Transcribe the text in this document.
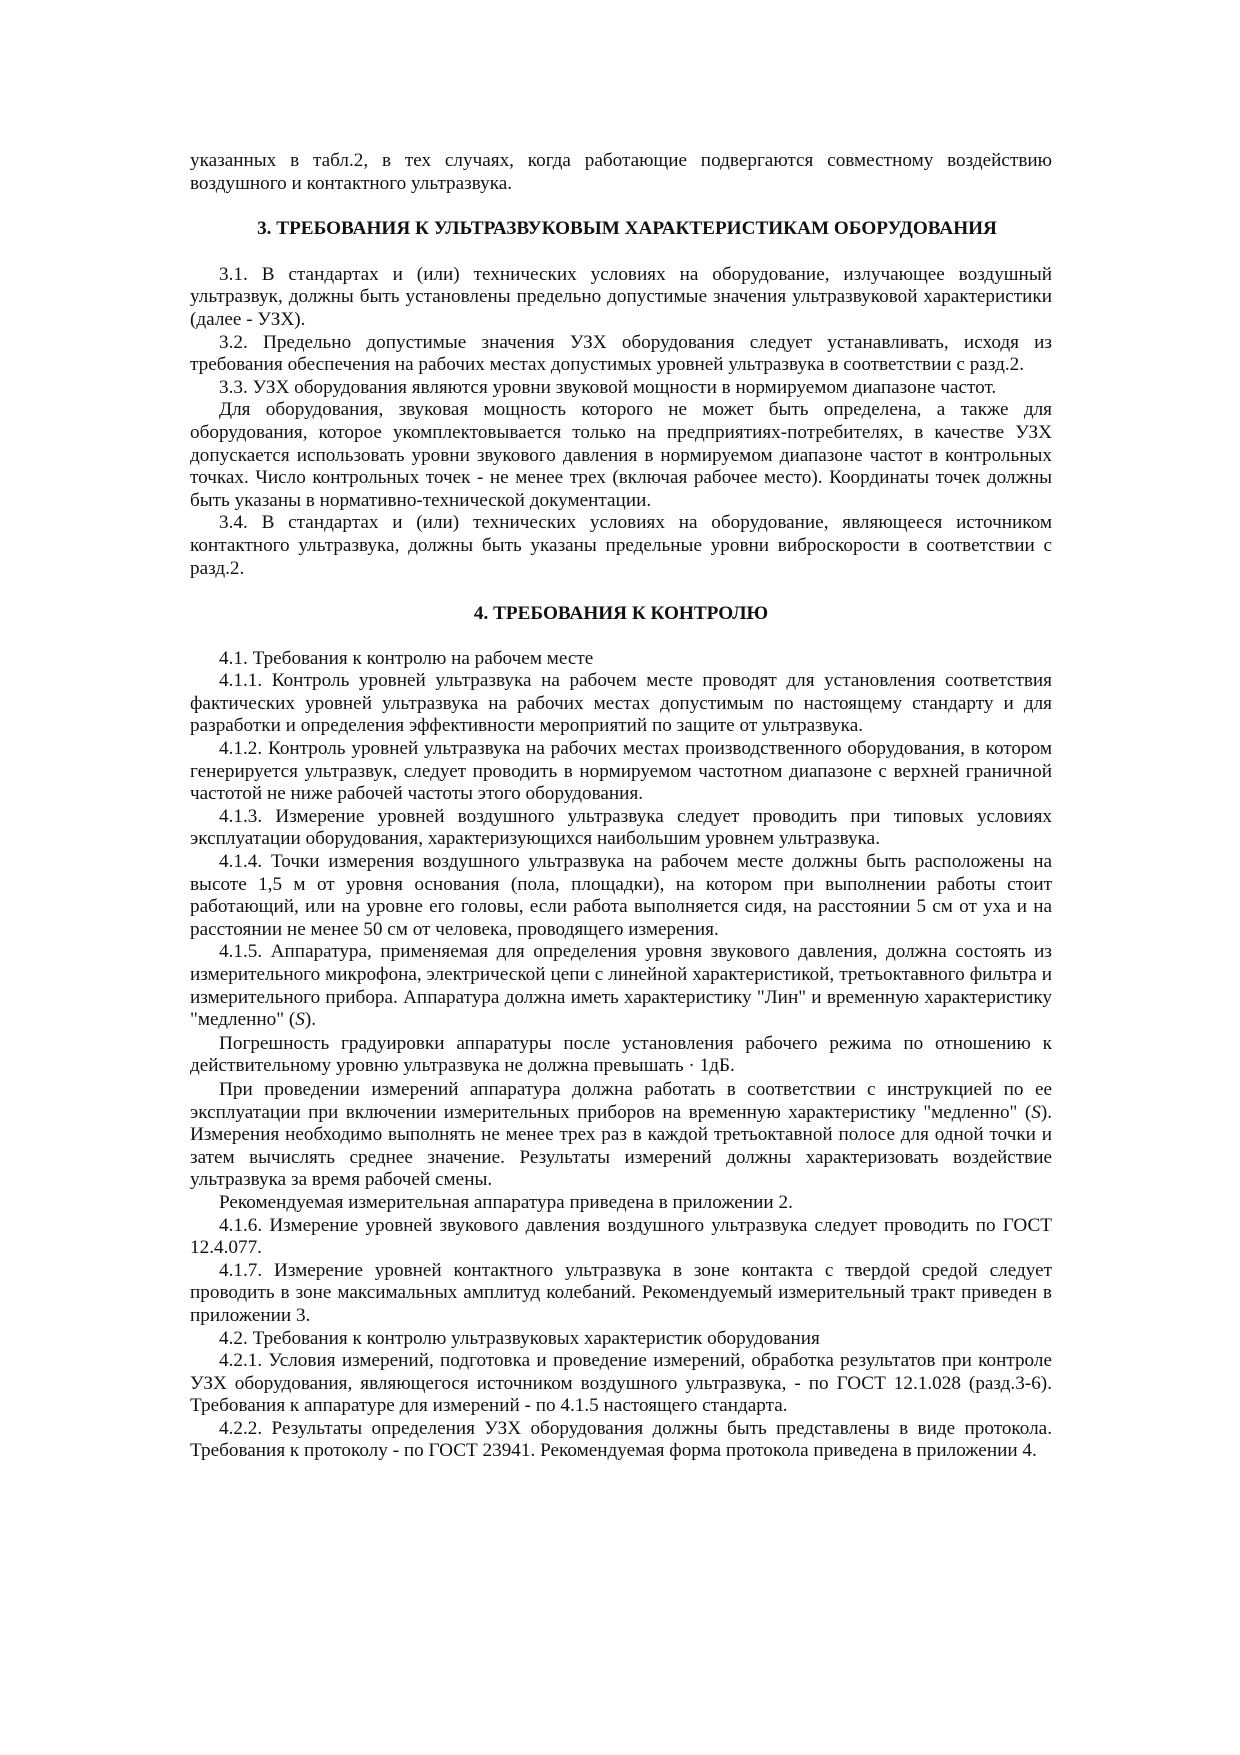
указанных в табл.2, в тех случаях, когда работающие подвергаются совместному воздействию воздушного и контактного ультразвука.

3. ТРЕБОВАНИЯ К УЛЬТРАЗВУКОВЫМ ХАРАКТЕРИСТИКАМ ОБОРУДОВАНИЯ

3.1. В стандартах и (или) технических условиях на оборудование, излучающее воздушный ультразвук, должны быть установлены предельно допустимые значения ультразвуковой характеристики (далее - УЗХ).

3.2. Предельно допустимые значения УЗХ оборудования следует устанавливать, исходя из требования обеспечения на рабочих местах допустимых уровней ультразвука в соответствии с разд.2.

3.3. УЗХ оборудования являются уровни звуковой мощности в нормируемом диапазоне частот.

Для оборудования, звуковая мощность которого не может быть определена, а также для оборудования, которое укомплектовывается только на предприятиях-потребителях, в качестве УЗХ допускается использовать уровни звукового давления в нормируемом диапазоне частот в контрольных точках. Число контрольных точек - не менее трех (включая рабочее место). Координаты точек должны быть указаны в нормативно-технической документации.

3.4. В стандартах и (или) технических условиях на оборудование, являющееся источником контактного ультразвука, должны быть указаны предельные уровни виброскорости в соответствии с разд.2.

4. ТРЕБОВАНИЯ К КОНТРОЛЮ

4.1. Требования к контролю на рабочем месте

4.1.1. Контроль уровней ультразвука на рабочем месте проводят для установления соответствия фактических уровней ультразвука на рабочих местах допустимым по настоящему стандарту и для разработки и определения эффективности мероприятий по защите от ультразвука.

4.1.2. Контроль уровней ультразвука на рабочих местах производственного оборудования, в котором генерируется ультразвук, следует проводить в нормируемом частотном диапазоне с верхней граничной частотой не ниже рабочей частоты этого оборудования.

4.1.3. Измерение уровней воздушного ультразвука следует проводить при типовых условиях эксплуатации оборудования, характеризующихся наибольшим уровнем ультразвука.

4.1.4. Точки измерения воздушного ультразвука на рабочем месте должны быть расположены на высоте 1,5 м от уровня основания (пола, площадки), на котором при выполнении работы стоит работающий, или на уровне его головы, если работа выполняется сидя, на расстоянии 5 см от уха и на расстоянии не менее 50 см от человека, проводящего измерения.

4.1.5. Аппаратура, применяемая для определения уровня звукового давления, должна состоять из измерительного микрофона, электрической цепи с линейной характеристикой, третьоктавного фильтра и измерительного прибора. Аппаратура должна иметь характеристику "Лин" и временную характеристику "медленно" (S).

Погрешность градуировки аппаратуры после установления рабочего режима по отношению к действительному уровню ультразвука не должна превышать · 1дБ.

При проведении измерений аппаратура должна работать в соответствии с инструкцией по ее эксплуатации при включении измерительных приборов на временную характеристику "медленно" (S). Измерения необходимо выполнять не менее трех раз в каждой третьоктавной полосе для одной точки и затем вычислять среднее значение. Результаты измерений должны характеризовать воздействие ультразвука за время рабочей смены.

Рекомендуемая измерительная аппаратура приведена в приложении 2.

4.1.6. Измерение уровней звукового давления воздушного ультразвука следует проводить по ГОСТ 12.4.077.

4.1.7. Измерение уровней контактного ультразвука в зоне контакта с твердой средой следует проводить в зоне максимальных амплитуд колебаний. Рекомендуемый измерительный тракт приведен в приложении 3.

4.2. Требования к контролю ультразвуковых характеристик оборудования

4.2.1. Условия измерений, подготовка и проведение измерений, обработка результатов при контроле УЗХ оборудования, являющегося источником воздушного ультразвука, - по ГОСТ 12.1.028 (разд.3-6). Требования к аппаратуре для измерений - по 4.1.5 настоящего стандарта.

4.2.2. Результаты определения УЗХ оборудования должны быть представлены в виде протокола. Требования к протоколу - по ГОСТ 23941. Рекомендуемая форма протокола приведена в приложении 4.
